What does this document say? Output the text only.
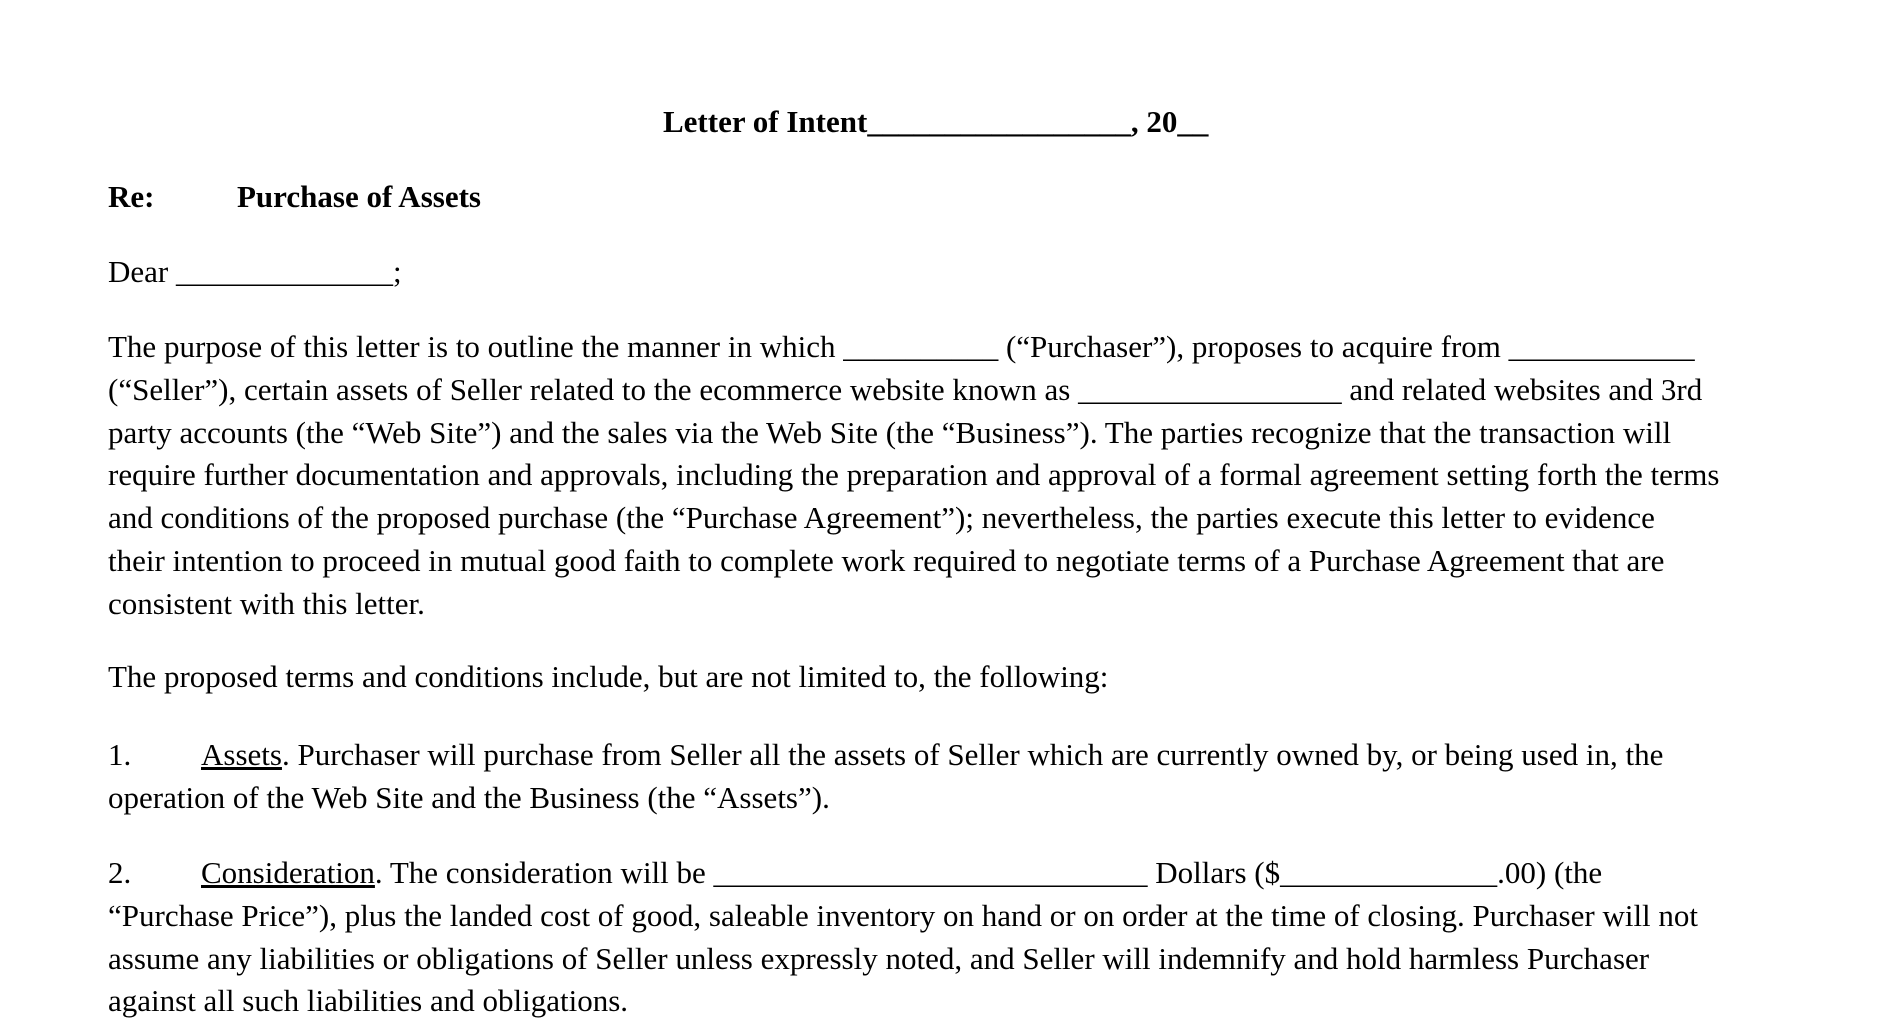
Letter of Intent_________________, 20__
Re:	Purchase of Assets
Dear ______________;
The purpose of this letter is to outline the manner in which __________ (“Purchaser”), proposes to acquire from ____________
(“Seller”), certain assets of Seller related to the ecommerce website known as _________________ and related websites and 3rd
party accounts (the “Web Site”) and the sales via the Web Site (the “Business”). The parties recognize that the transaction will
require further documentation and approvals, including the preparation and approval of a formal agreement setting forth the terms
and conditions of the proposed purchase (the “Purchase Agreement”); nevertheless, the parties execute this letter to evidence
their intention to proceed in mutual good faith to complete work required to negotiate terms of a Purchase Agreement that are
consistent with this letter.
The proposed terms and conditions include, but are not limited to, the following:
1. Assets. Purchaser will purchase from Seller all the assets of Seller which are currently owned by, or being used in, the
operation of the Web Site and the Business (the “Assets”).
2. Consideration. The consideration will be ____________________________ Dollars ($______________.00) (the
“Purchase Price”), plus the landed cost of good, saleable inventory on hand or on order at the time of closing. Purchaser will not
assume any liabilities or obligations of Seller unless expressly noted, and Seller will indemnify and hold harmless Purchaser
against all such liabilities and obligations.
